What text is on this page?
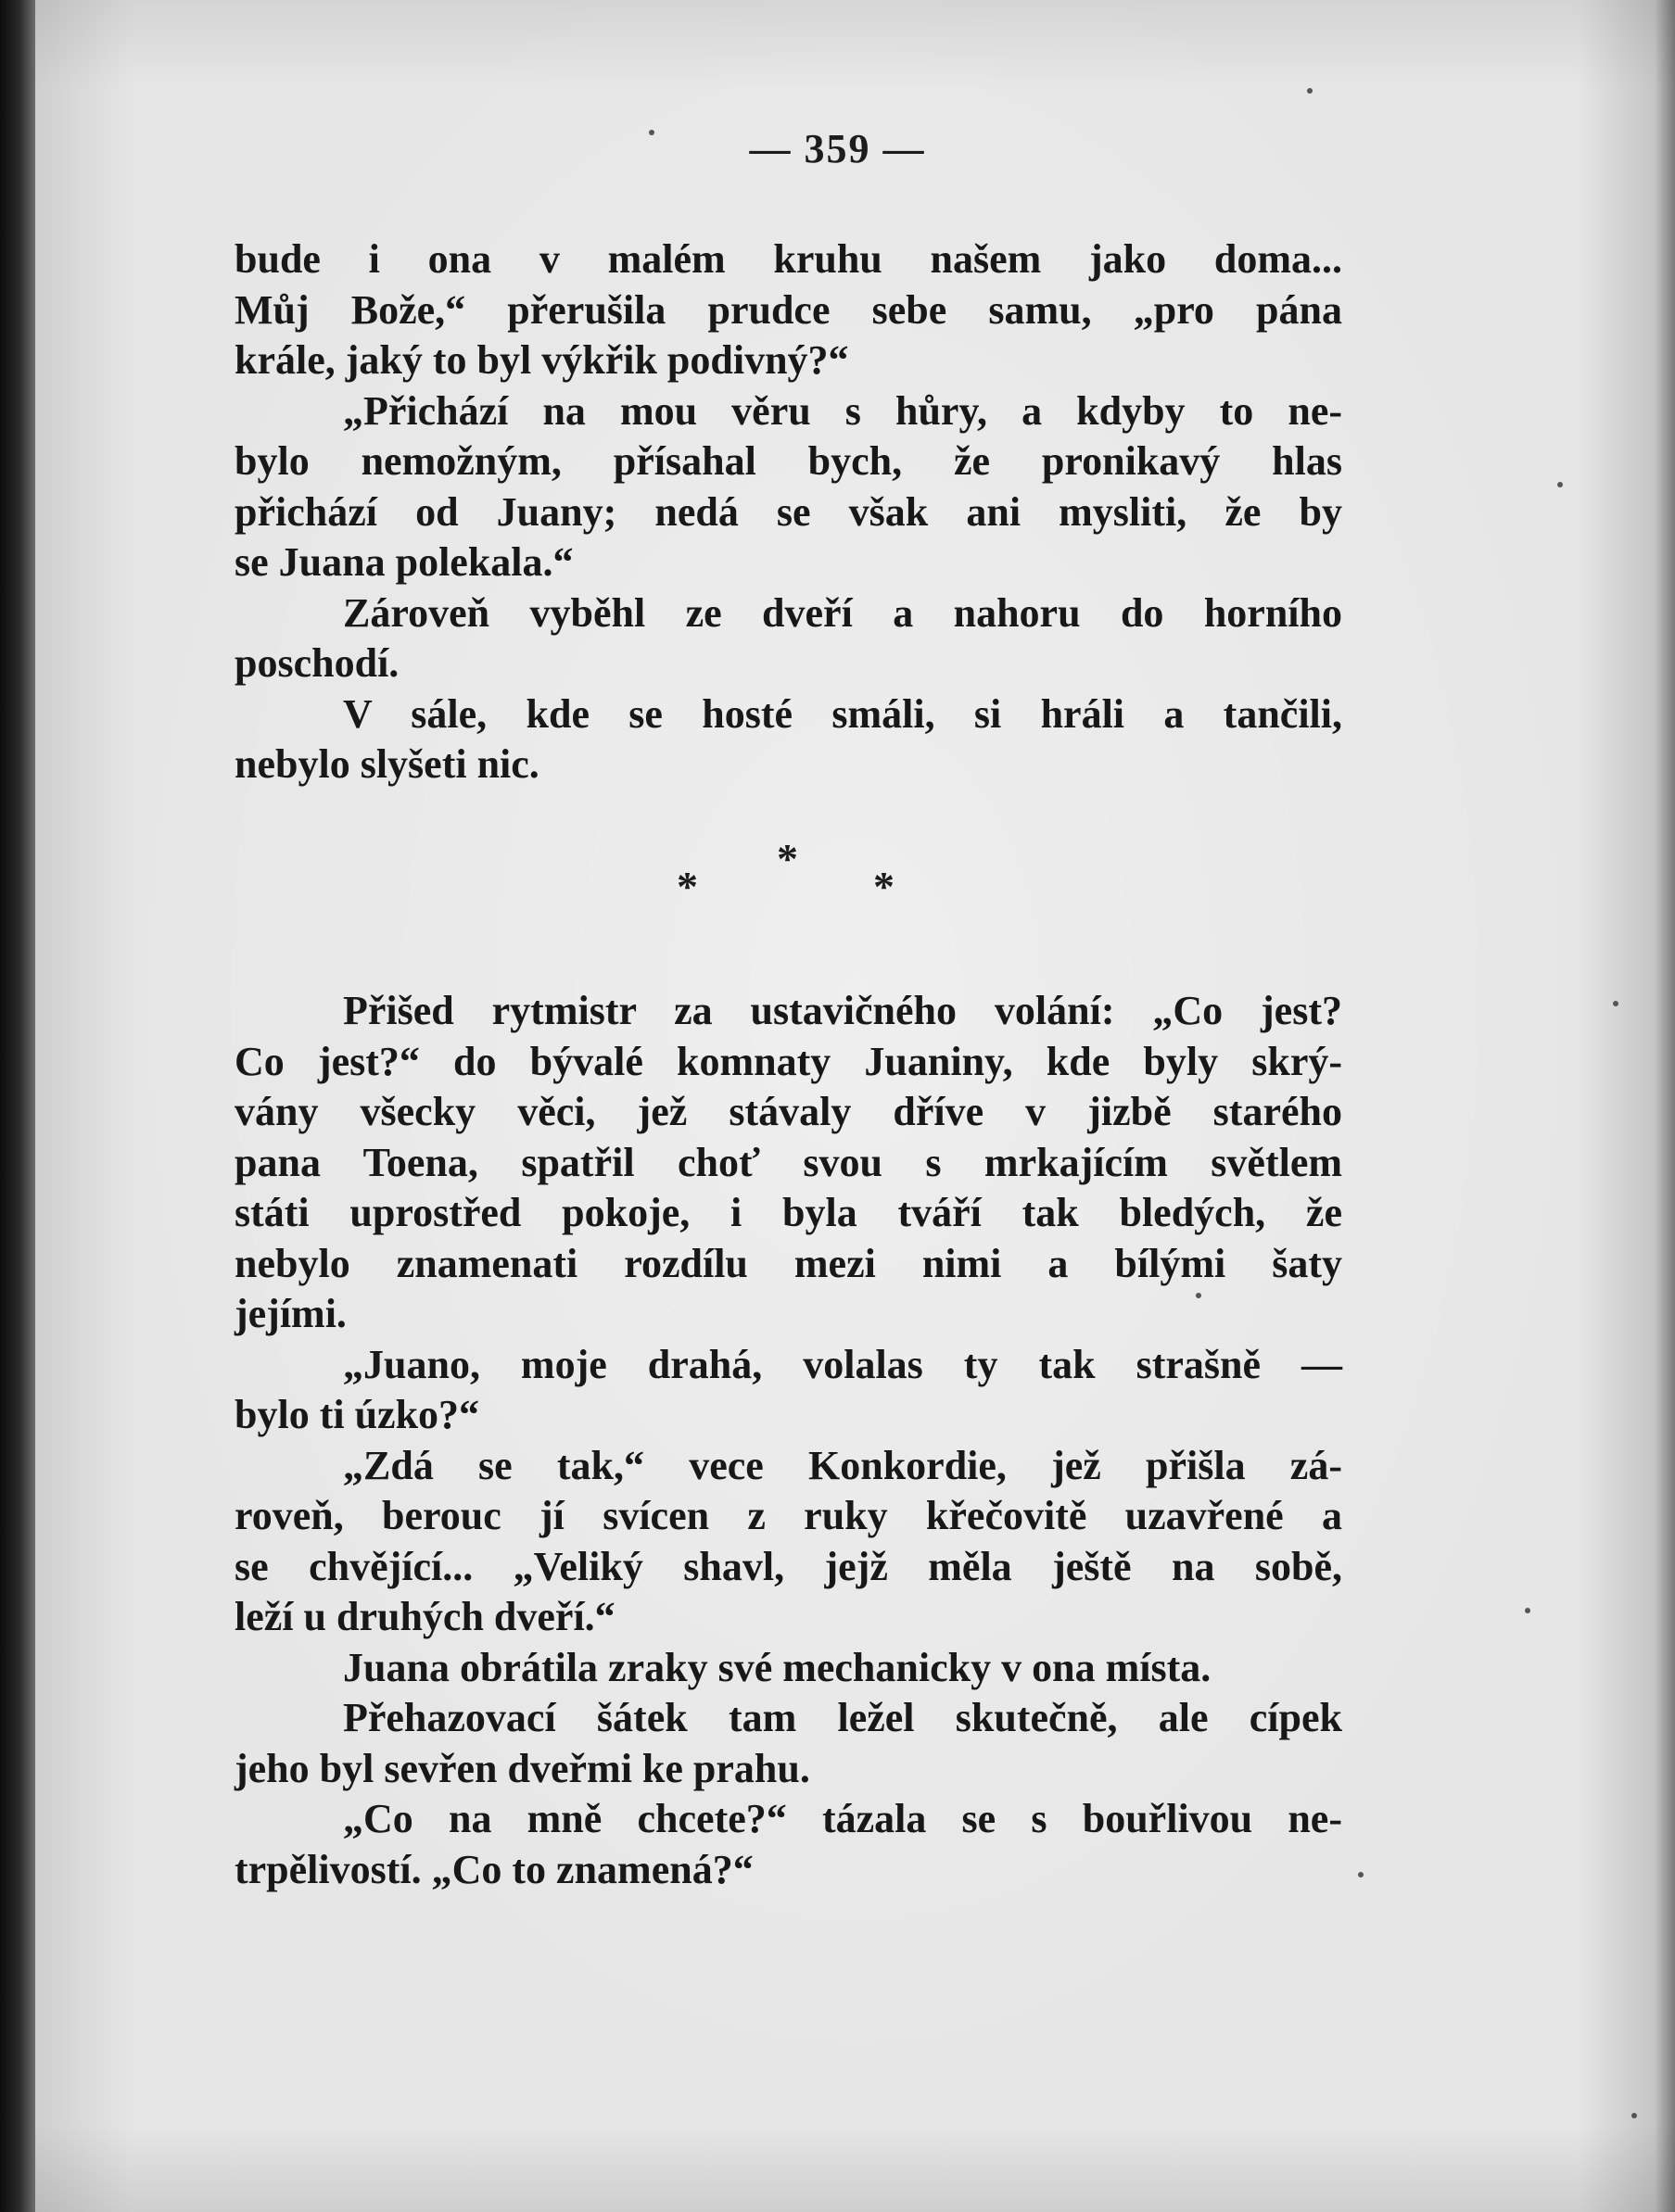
— 359 —
bude i ona v malém kruhu našem jako doma...
Můj Bože,“ přerušila prudce sebe samu, „pro pána
krále, jaký to byl výkřik podivný?“
„Přichází na mou věru s hůry, a kdyby to ne-
bylo nemožným, přísahal bych, že pronikavý hlas
přichází od Juany; nedá se však ani mysliti, že by
se Juana polekala.“
Zároveň vyběhl ze dveří a nahoru do horního
poschodí.
V sále, kde se hosté smáli, si hráli a tančili,
nebylo slyšeti nic.
*
*	*
Přišed rytmistr za ustavičného volání: „Co jest?
Co jest?“ do bývalé komnaty Juaniny, kde byly skrý-
vány všecky věci, jež stávaly dříve v jizbě starého
pana Toena, spatřil choť svou s mrkajícím světlem
státi uprostřed pokoje, i byla tváří tak bledých, že
nebylo znamenati rozdílu mezi nimi a bílými šaty
jejími.
„Juano, moje drahá, volalas ty tak strašně —
bylo ti úzko?“
„Zdá se tak,“ vece Konkordie, jež přišla zá-
roveň, berouc jí svícen z ruky křečovitě uzavřené a
se chvějící... „Veliký shavl, jejž měla ještě na sobě,
leží u druhých dveří.“
Juana obrátila zraky své mechanicky v ona místa.
Přehazovací šátek tam ležel skutečně, ale cípek
jeho byl sevřen dveřmi ke prahu.
„Co na mně chcete?“ tázala se s bouřlivou ne-
trpělivostí. „Co to znamená?“
